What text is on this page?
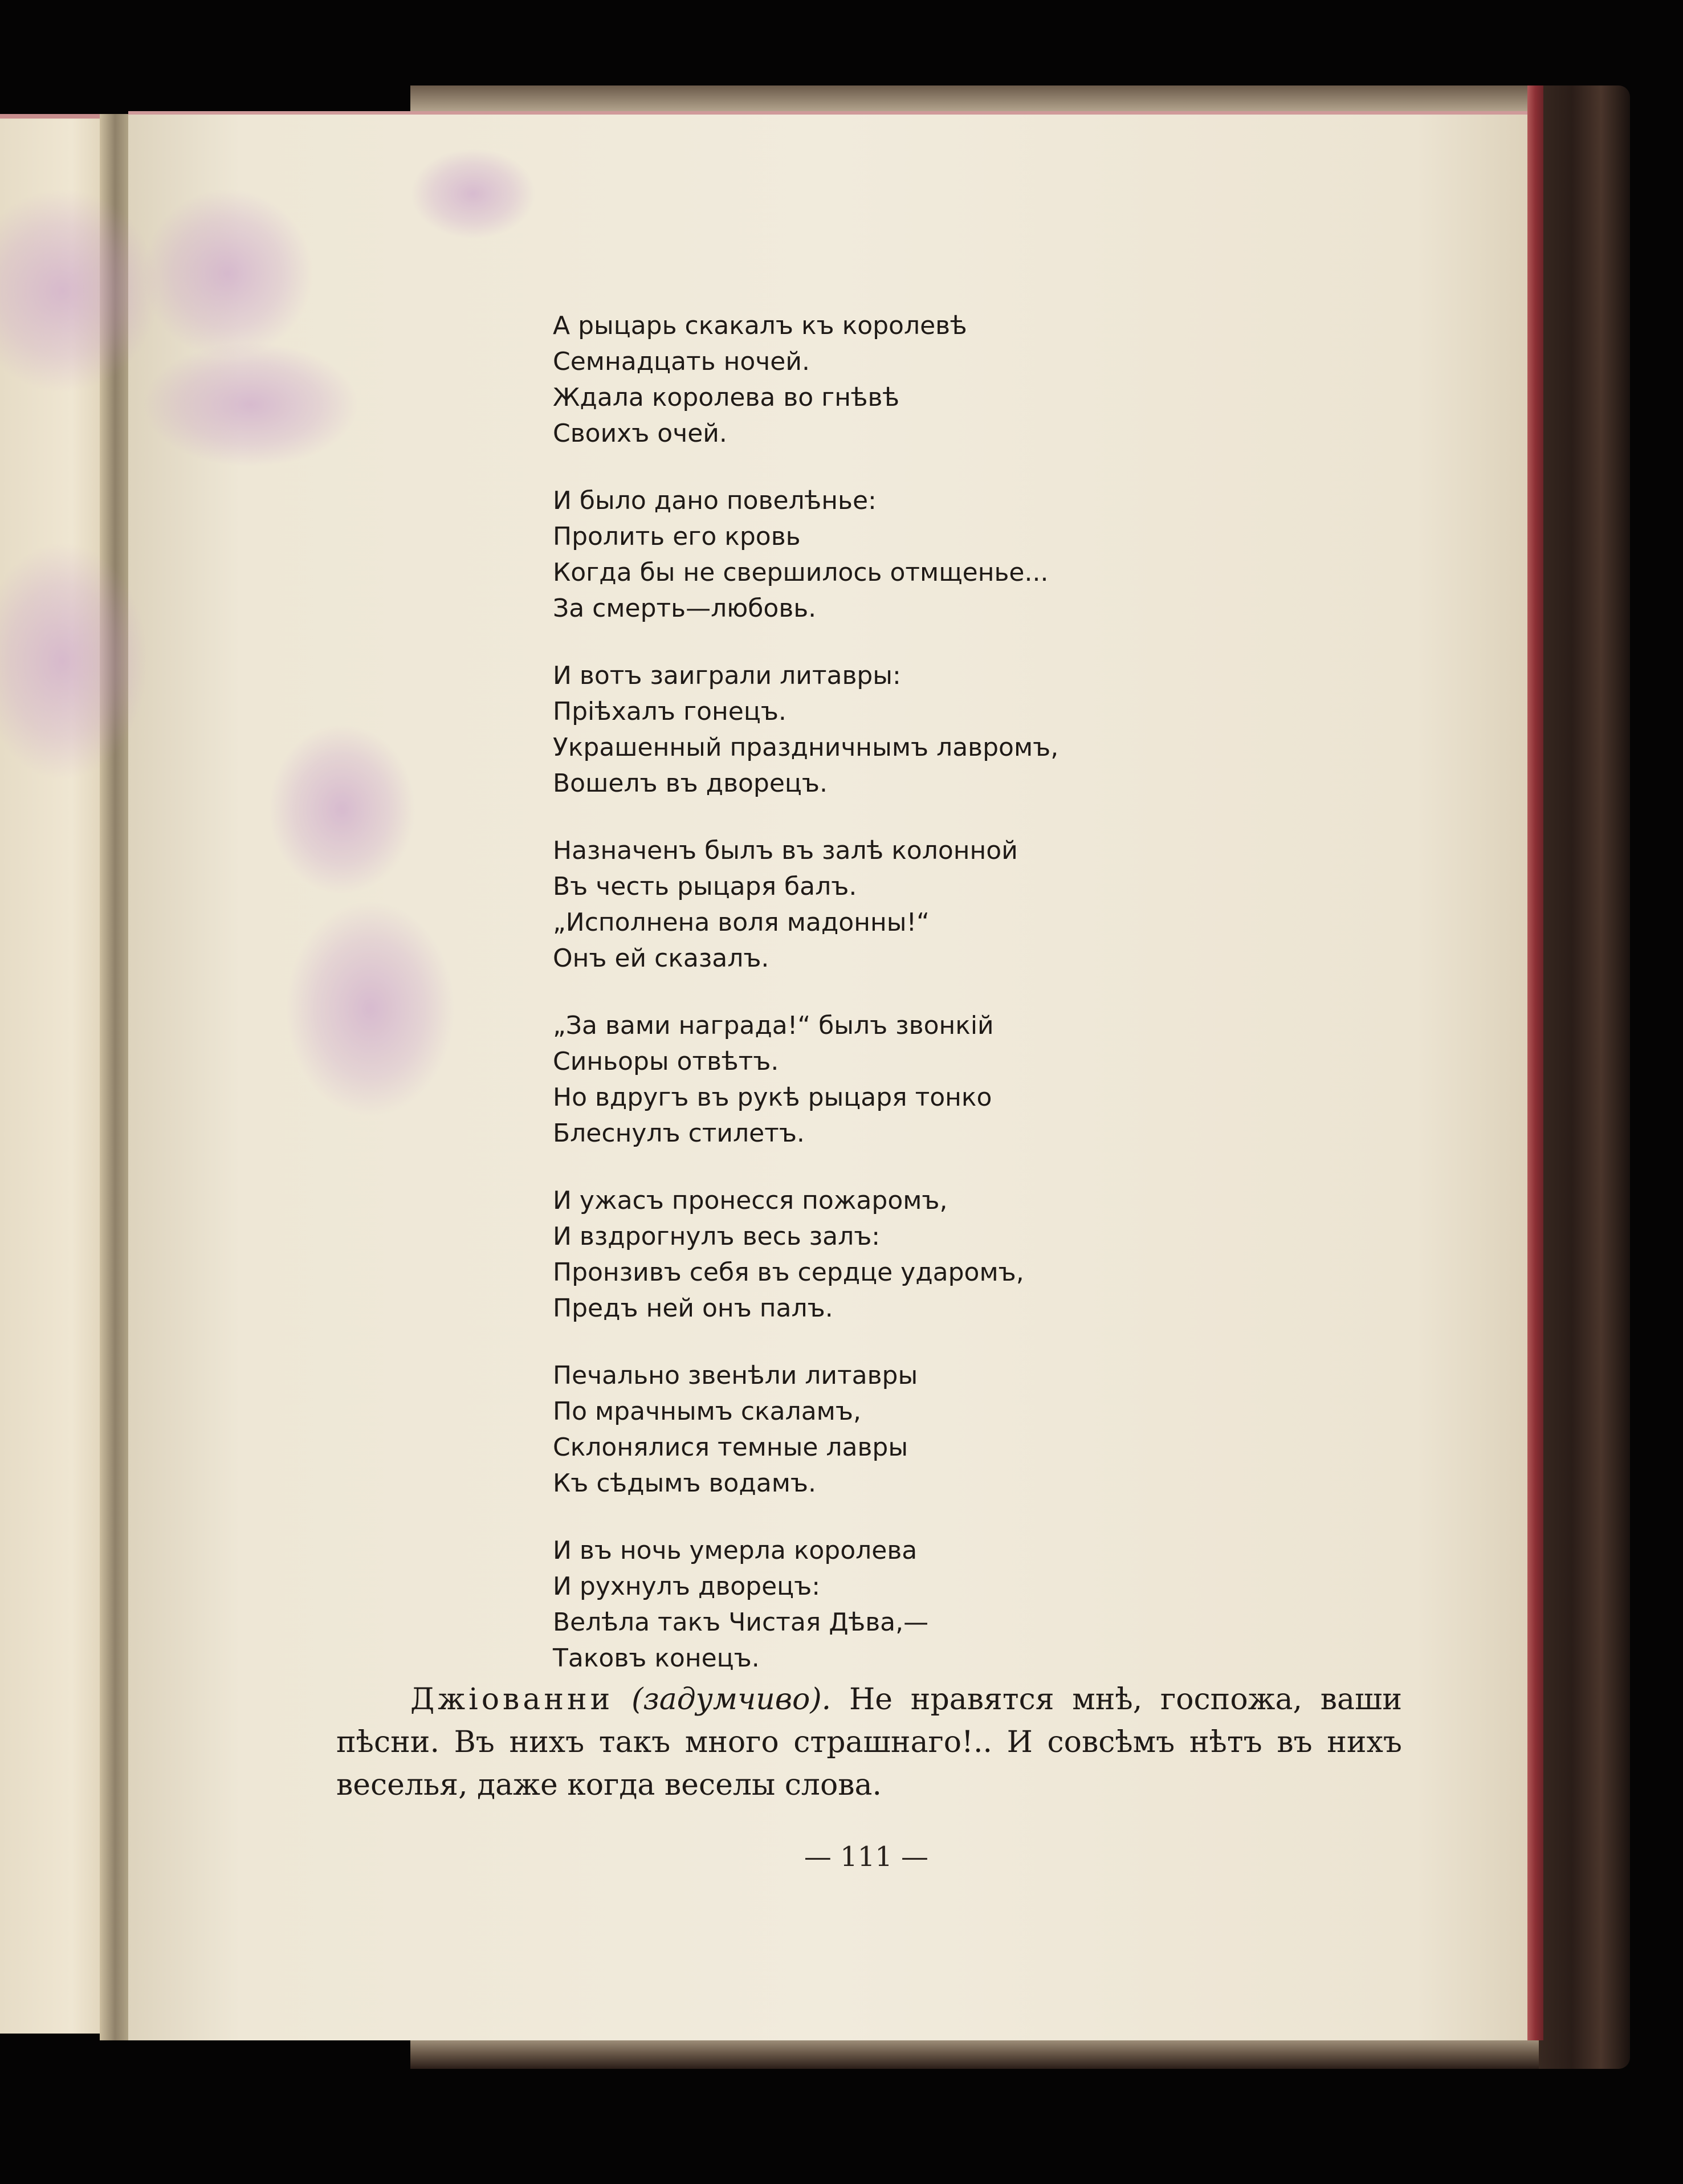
А рыцарь скакалъ къ королевѣ
Семнадцать ночей.
Ждала королева во гнѣвѣ
Своихъ очей.
И было дано повелѣнье:
Пролить его кровь
Когда бы не свершилось отмщенье...
За смерть—любовь.
И вотъ заиграли литавры:
Пріѣхалъ гонецъ.
Украшенный праздничнымъ лавромъ,
Вошелъ въ дворецъ.
Назначенъ былъ въ залѣ колонной
Въ честь рыцаря балъ.
„Исполнена воля мадонны!“
Онъ ей сказалъ.
„За вами награда!“ былъ звонкій
Синьоры отвѣтъ.
Но вдругъ въ рукѣ рыцаря тонко
Блеснулъ стилетъ.
И ужасъ пронесся пожаромъ,
И вздрогнулъ весь залъ:
Пронзивъ себя въ сердце ударомъ,
Предъ ней онъ палъ.
Печально звенѣли литавры
По мрачнымъ скаламъ,
Склонялися темные лавры
Къ сѣдымъ водамъ.
И въ ночь умерла королева
И рухнулъ дворецъ:
Велѣла такъ Чистая Дѣва,—
Таковъ конецъ.
Джіованни (задумчиво). Не нравятся мнѣ, госпожа, ваши пѣсни. Въ нихъ такъ много страшнаго!.. И совсѣмъ нѣтъ въ нихъ веселья, даже когда веселы слова.
— 111 —
